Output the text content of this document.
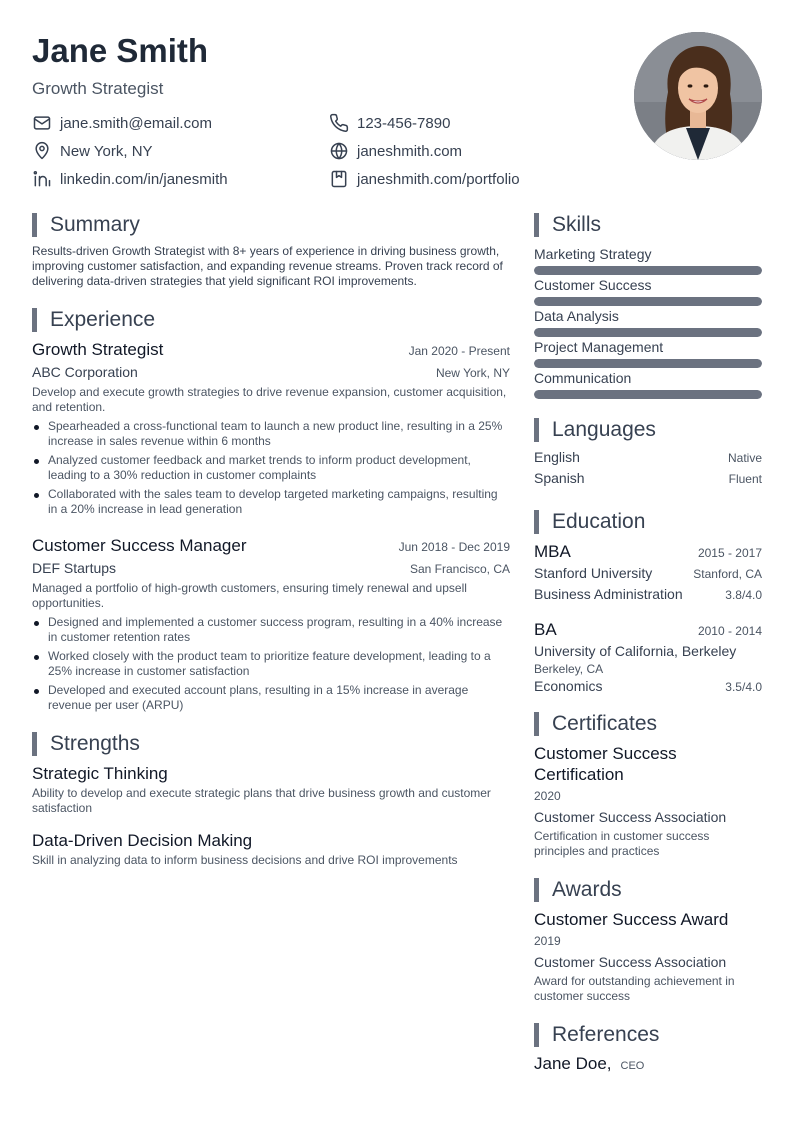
Jane Smith
Growth Strategist
jane.smith@email.com	123-456-7890
New York, NY	janeshmith.com
linkedin.com/in/janesmith	janeshmith.com/portfolio
Summary
Results-driven Growth Strategist with 8+ years of experience in driving business growth, improving customer satisfaction, and expanding revenue streams. Proven track record of delivering data-driven strategies that yield significant ROI improvements.
Experience
Growth Strategist	Jan 2020 - Present
ABC Corporation	New York, NY
Develop and execute growth strategies to drive revenue expansion, customer acquisition, and retention.
Spearheaded a cross-functional team to launch a new product line, resulting in a 25% increase in sales revenue within 6 months
Analyzed customer feedback and market trends to inform product development, leading to a 30% reduction in customer complaints
Collaborated with the sales team to develop targeted marketing campaigns, resulting in a 20% increase in lead generation
Customer Success Manager	Jun 2018 - Dec 2019
DEF Startups	San Francisco, CA
Managed a portfolio of high-growth customers, ensuring timely renewal and upsell opportunities.
Designed and implemented a customer success program, resulting in a 40% increase in customer retention rates
Worked closely with the product team to prioritize feature development, leading to a 25% increase in customer satisfaction
Developed and executed account plans, resulting in a 15% increase in average revenue per user (ARPU)
Strengths
Strategic Thinking
Ability to develop and execute strategic plans that drive business growth and customer satisfaction
Data-Driven Decision Making
Skill in analyzing data to inform business decisions and drive ROI improvements
Skills
Marketing Strategy
Customer Success
Data Analysis
Project Management
Communication
Languages
English	Native
Spanish	Fluent
Education
MBA	2015 - 2017
Stanford University	Stanford, CA
Business Administration	3.8/4.0
BA	2010 - 2014
University of California, Berkeley
Berkeley, CA
Economics	3.5/4.0
Certificates
Customer Success Certification
2020
Customer Success Association
Certification in customer success principles and practices
Awards
Customer Success Award
2019
Customer Success Association
Award for outstanding achievement in customer success
References
Jane Doe, CEO
